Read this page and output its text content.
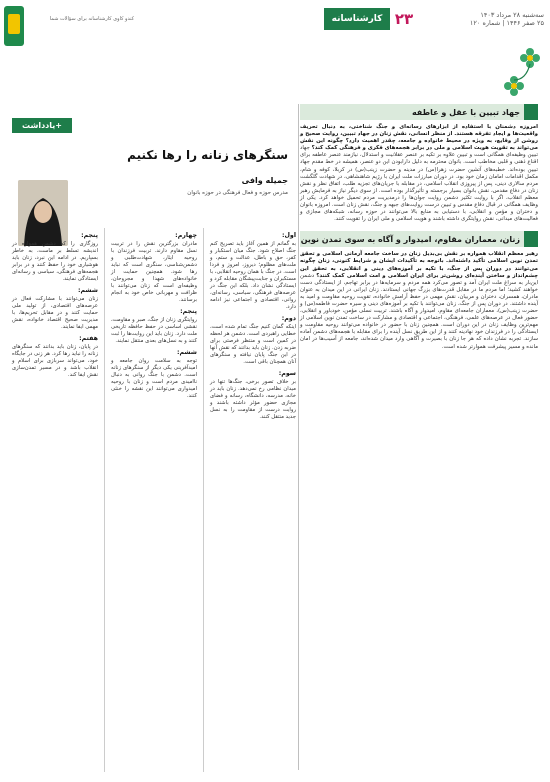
سه‌شنبه ۲۸ مرداد ۱۴۰۳
۲۵ صفر ۱۴۴۶ | شماره ۱۲۰
۲۳
کارشناسانه
کندو کاوی کارشناسانه برای سؤالات شما
جهاد تبیین با عقل و عاطفه
امروزه دشمنان با استفاده از ابزارهای رسانه‌ای و جنگ شناختی، به دنبال تحریف واقعیت‌ها و ایجاد تفرقه هستند. از منظر انسانی، نقش زنان در جهاد تبیین، روایت صحیح و روشن از وقایع، به ویژه در محیط خانواده و جامعه، چقدر اهمیت دارد؟ چگونه این نقش می‌تواند به تقویت هویت اسلامی و ملی در برابر هجمه‌های فکری و فرهنگی کمک کند؟ جهاد تبیین وظیفه‌ای همگانی است و تبیین علاوه بر تکیه بر عنصر عقلانیت و استدلال، نیازمند عنصر عاطفه برای اقناع ذهنی و قلبی مخاطب است. بانوان محترمه به دلیل دارابودن این دو عنصر، همیشه در خط مقدم جهاد تبیین بوده‌اند. خطبه‌های آتشین حضرت زهرا(س) در مدینه و حضرت زینب(س) در کربلا، کوفه و شام، مکمل اقدامات امامان زمان خود بود. در دوران مبارزات ملت ایران با رژیم شاهنشاهی، در شهادت گلگشت مردم سالاری دینی، پس از پیروزی انقلاب اسلامی، در مقابله با جریان‌های تجزیه طلب، اتفاق نظر و نقش زنان در دفاع مقدس، نقش بانوان بسیار برجسته و تأثیرگذار بوده است. از سوی دیگر نیاز به فرمایش رهبر معظم انقلاب، اگر با روایت تکثیر دشمن روایت جوان‌ها را درمدیریت مردم تحمیل خواهد کرد. یکی از وظایف همگانی در قبال دفاع مقدس و تبیین درست روایت‌های جبهه و جنگ، نقش زنان است. امروزه بانوان و دختران و مؤمن و انقلابی، با دستیابی به منابع بالا می‌توانند در حوزه رسانه، شبکه‌های مجازی و فعالیت‌های میدانی، نقش روایتگری داشته باشند و هویت اسلامی و ملی ایران را تقویت کنند.
زنان، معماران مقاوم، امیدوار و آگاه به سوی تمدن نوین
رهبر معظم انقلاب همواره بر نقش بی‌بدیل زنان در ساخت جامعه آرمانی اسلامی و تحقق تمدن نوین اسلامی تأکید داشته‌اند. باتوجه به تأکیدات ایشان و شرایط کنونی، زنان چگونه می‌توانند در دوران پس از جنگ، با تکیه بر آموزه‌های دینی و انقلابی، به تحقق این چشم‌انداز و ساختن آینده‌ای روشن‌تر برای ایران اسلامی و امت اسلامی کمک کنند؟ دشمن این‌بار به سراغ ملت ایران آمد و تصور می‌کرد همه مردم و سرمایه‌ها در برابر تهاجم، از ایستادگی دست خواهند کشید؛ اما مردم ما در مقابل قدرت‌های بزرگ جهانی ایستادند. زنان ایرانی در این میدان به عنوان مادران، همسران، دختران و مربیان، نقش مهمی در حفظ آرامش خانواده، تقویت روحیه مقاومت و امید به آینده داشتند. در دوران پس از جنگ، زنان می‌توانند با تکیه بر آموزه‌های دینی و سیره حضرت فاطمه(س) و حضرت زینب(س)، معماران جامعه‌ای مقاوم، امیدوار و آگاه باشند. تربیت نسلی مؤمن، خودباور و انقلابی، حضور فعال در عرصه‌های علمی، فرهنگی، اجتماعی و اقتصادی و مشارکت در ساخت تمدن نوین اسلامی از مهم‌ترین وظایف زنان در این دوران است. همچنین زنان با حضور در خانواده می‌توانند روحیه مقاومت و ایستادگی را در فرزندان خود نهادینه کنند و از این طریق نسل آینده را برای مقابله با هجمه‌های دشمن آماده سازند. تجربه نشان داده که هر جا زنان با بصیرت و آگاهی وارد میدان شده‌اند، جامعه از آسیب‌ها در امان مانده و مسیر پیشرفت هموارتر شده است.
+یادداشت
سنگرهای زنانه را رها نکنیم
جمیله وافی
مدرس حوزه و فعال فرهنگی در حوزه بانوان
اول:
به گمانم از همین آغاز باید تصریح کنم جنگ اصلاح شود. جنگ میان استکبار و کفر، حق و باطل، عدالت و ستم، و ملت‌های مظلوم؛ دیروز، امروز و فردا است. در جنگ با همان روحیه انقلابی، با مستکبران و جنایت‌پیشگان مقابله کرد و ایستادگی نشان داد. بلکه این جنگ در عرصه‌های فرهنگی، سیاسی، رسانه‌ای، روانی، اقتصادی و اجتماعی نیز ادامه دارد.
دوم:
اینکه گمان کنیم جنگ تمام شده است، خطایی راهبردی است. دشمن هر لحظه در کمین است و منتظر فرصتی برای ضربه زدن. زنان باید بدانند که نقش آنها در این جنگ پایان نیافته و سنگرهای آنان همچنان باقی است.
سوم:
بر خلاف تصور برخی، جنگ‌ها تنها در میدان نظامی رخ نمی‌دهد. زنان باید در خانه، مدرسه، دانشگاه، رسانه و فضای مجازی حضور مؤثر داشته باشند و روایت درست از مقاومت را به نسل جدید منتقل کنند.
چهارم:
مادران بزرگترین نقش را در تربیت نسل مقاوم دارند. تربیت فرزندان با روحیه ایثار، شهادت‌طلبی و دشمن‌شناسی، سنگری است که نباید رها شود. همچنین حمایت از خانواده‌های شهدا و مجروحان، وظیفه‌ای است که زنان می‌توانند با ظرافت و مهربانی خاص خود به انجام برسانند.
پنجم:
روایتگری زنان از جنگ، صبر و مقاومت، نقشی اساسی در حفظ حافظه تاریخی ملت دارد. زنان باید این روایت‌ها را ثبت کنند و به نسل‌های بعدی منتقل نمایند.
ششم:
توجه به سلامت روان جامعه و امیدآفرینی یکی دیگر از سنگرهای زنانه است. دشمن با جنگ روانی به دنبال ناامیدی مردم است و زنان با روحیه امیدواری می‌توانند این نقشه را خنثی کنند.
پنجم:
روزگاری را که دشمن همواره در اندیشه تسلط بر ماست، به خاطر بسپاریم. در ادامه این نبرد، زنان باید هوشیاری خود را حفظ کنند و در برابر هجمه‌های فرهنگی، سیاسی و رسانه‌ای ایستادگی نمایند.
ششم:
زنان می‌توانند با مشارکت فعال در عرصه‌های اقتصادی، از تولید ملی حمایت کنند و در مقابل تحریم‌ها، با مدیریت صحیح اقتصاد خانواده، نقش مهمی ایفا نمایند.
هفتم:
در پایان، زنان باید بدانند که سنگرهای زنانه را نباید رها کرد. هر زنی در جایگاه خود، می‌تواند سربازی برای اسلام و انقلاب باشد و در مسیر تمدن‌سازی نقش ایفا کند.
